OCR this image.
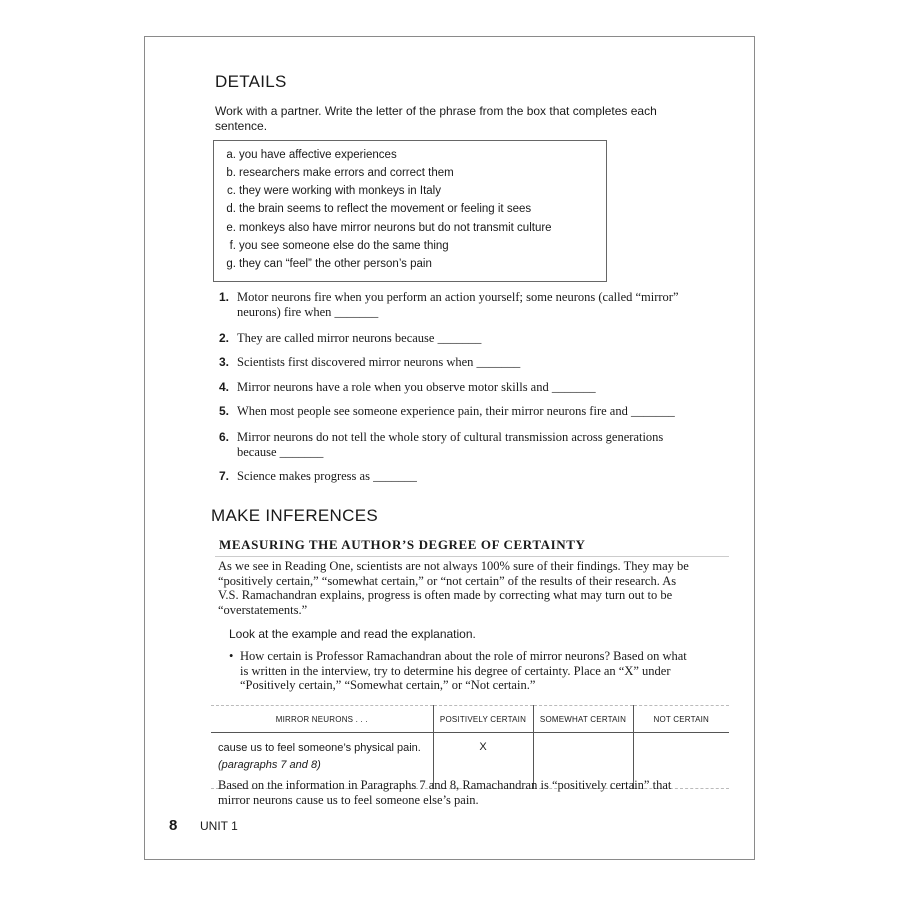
DETAILS
Work with a partner. Write the letter of the phrase from the box that completes each sentence.
a. you have affective experiences
b. researchers make errors and correct them
c. they were working with monkeys in Italy
d. the brain seems to reflect the movement or feeling it sees
e. monkeys also have mirror neurons but do not transmit culture
f. you see someone else do the same thing
g. they can “feel” the other person’s pain
1. Motor neurons fire when you perform an action yourself; some neurons (called “mirror”
neurons) fire when _______
2. They are called mirror neurons because _______
3. Scientists first discovered mirror neurons when _______
4. Mirror neurons have a role when you observe motor skills and _______
5. When most people see someone experience pain, their mirror neurons fire and _______
6. Mirror neurons do not tell the whole story of cultural transmission across generations
because _______
7. Science makes progress as _______
MAKE INFERENCES
MEASURING THE AUTHOR’S DEGREE OF CERTAINTY
As we see in Reading One, scientists are not always 100% sure of their findings. They may be
“positively certain,” “somewhat certain,” or “not certain” of the results of their research. As
V.S. Ramachandran explains, progress is often made by correcting what may turn out to be
“overstatements.”
Look at the example and read the explanation.
• How certain is Professor Ramachandran about the role of mirror neurons? Based on what
is written in the interview, try to determine his degree of certainty. Place an “X” under
“Positively certain,” “Somewhat certain,” or “Not certain.”
MIRROR NEURONS . . .	POSITIVELY CERTAIN	SOMEWHAT CERTAIN	NOT CERTAIN

cause us to feel someone’s physical pain.
(paragraphs 7 and 8)	X		
Based on the information in Paragraphs 7 and 8, Ramachandran is “positively certain” that
mirror neurons cause us to feel someone else’s pain.
8 UNIT 1
